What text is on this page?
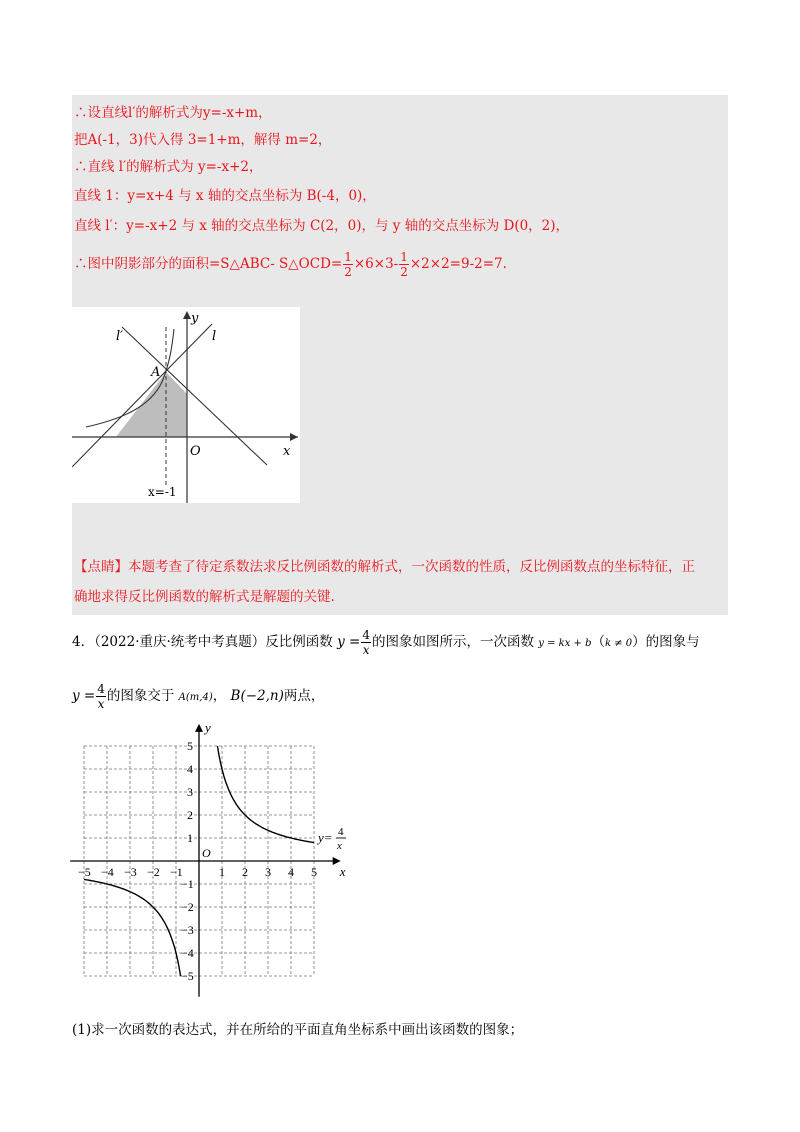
∴设直线l′的解析式为y=-x+m，
把A(-1，3)代入得 3=1+m，解得 m=2，
∴直线 l′的解析式为 y=-x+2，
直线 1：y=x+4 与 x 轴的交点坐标为 B(-4，0)，
直线 l′：y=-x+2 与 x 轴的交点坐标为 C(2，0)，与 y 轴的交点坐标为 D(0，2)，
∴图中阴影部分的面积=S△ABC- S△OCD= $\frac{1}{2} \times 6\times 3- \frac{1}{2} \times 2\times 2=9-2=7$.
l′	l
y
A
O	x
x=-1
【点睛】本题考查了待定系数法求反比例函数的解析式，一次函数的性质，反比例函数点的坐标特征，正
确地求得反比例函数的解析式是解题的关键.
4．（2022·重庆·统考中考真题）反比例函数 $y = \frac{4}{x}$ 的图象如图所示，一次函数 y = kx + b（k ≠ 0）的图象与
$y = \frac{4}{x}$ 的图象交于 A(m,4)， B(−2,n)两点，
−5 −4 −3 −2 −1	1 2 3 4 5
5
4
3
2
1
−1
−2
−3
−4
−5
O
x
y
y= 4
x
(1)求一次函数的表达式，并在所给的平面直角坐标系中画出该函数的图象；
